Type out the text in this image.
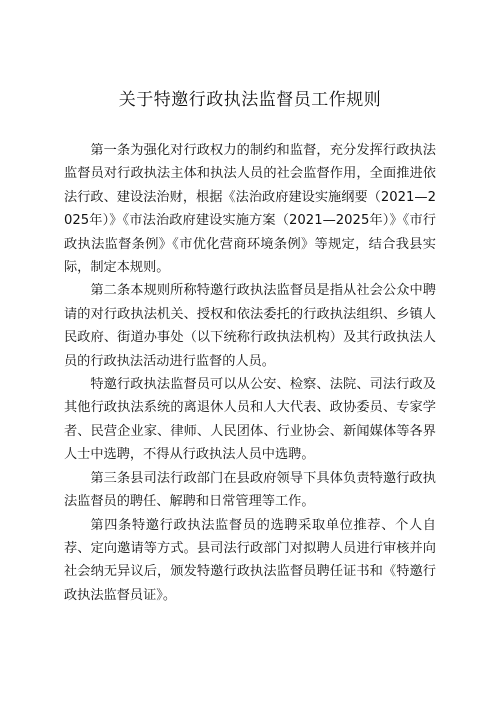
关于特邀行政执法监督员工作规则

第一条为强化对行政权力的制约和监督，充分发挥行政执法监督员对行政执法主体和执法人员的社会监督作用，全面推进依法行政、建设法治财，根据《法治政府建设实施纲要（2021—2025年）》《市法治政府建设实施方案（2021—2025年）》《市行政执法监督条例》《市优化营商环境条例》等规定，结合我县实际，制定本规则。

第二条本规则所称特邀行政执法监督员是指从社会公众中聘请的对行政执法机关、授权和依法委托的行政执法组织、乡镇人民政府、街道办事处（以下统称行政执法机构）及其行政执法人员的行政执法活动进行监督的人员。

特邀行政执法监督员可以从公安、检察、法院、司法行政及其他行政执法系统的离退休人员和人大代表、政协委员、专家学者、民营企业家、律师、人民团体、行业协会、新闻媒体等各界人士中选聘，不得从行政执法人员中选聘。

第三条县司法行政部门在县政府领导下具体负责特邀行政执法监督员的聘任、解聘和日常管理等工作。

第四条特邀行政执法监督员的选聘采取单位推荐、个人自荐、定向邀请等方式。县司法行政部门对拟聘人员进行审核并向社会纳无异议后，颁发特邀行政执法监督员聘任证书和《特邀行政执法监督员证》。
